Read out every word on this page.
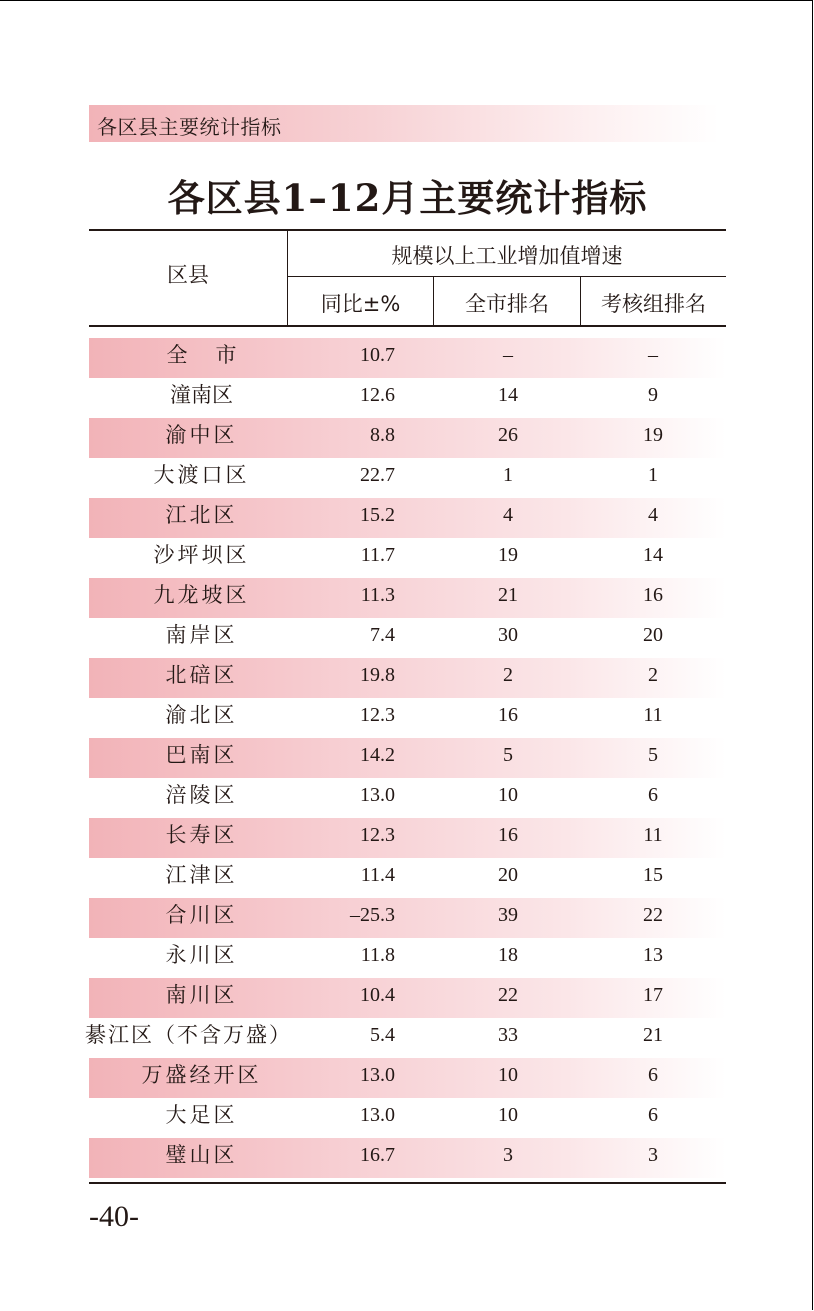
各区县主要统计指标
各区县1–12月主要统计指标
区县
规模以上工业增加值增速
同比±%	全市排名	考核组排名
全市	10.7	–	–
潼南区	12.6	14	9
渝中区	8.8	26	19
大渡口区	22.7	1	1
江北区	15.2	4	4
沙坪坝区	11.7	19	14
九龙坡区	11.3	21	16
南岸区	7.4	30	20
北碚区	19.8	2	2
渝北区	12.3	16	11
巴南区	14.2	5	5
涪陵区	13.0	10	6
长寿区	12.3	16	11
江津区	11.4	20	15
合川区	–25.3	39	22
永川区	11.8	18	13
南川区	10.4	22	17
綦江区（不含万盛）	5.4	33	21
万盛经开区	13.0	10	6
大足区	13.0	10	6
璧山区	16.7	3	3
-40-
